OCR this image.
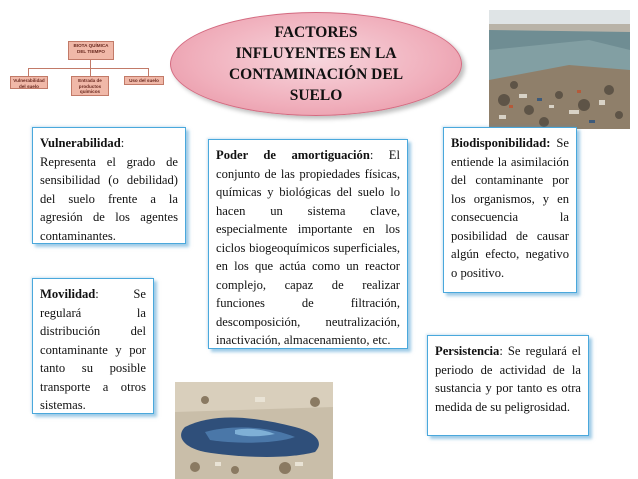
FACTORES
INFLUYENTES EN LA
CONTAMINACIÓN DEL
SUELO
BIOTA QUÍMICA DEL TIEMPO
Vulnerabilidad del suelo
Entrada de productos químicos
Uso del suelo
Vulnerabilidad: Representa el grado de sensibilidad (o debilidad) del suelo frente a la agresión de los agentes contaminantes.
Poder de amortiguación: El conjunto de las propiedades físicas, químicas y biológicas del suelo lo hacen un sistema clave, especialmente importante en los ciclos biogeoquímicos superficiales, en los que actúa como un reactor complejo, capaz de realizar funciones de filtración, descomposición, neutralización, inactivación, almacenamiento, etc.
Biodisponibilidad: Se entiende la asimilación del contaminante por los organismos, y en consecuencia la posibilidad de causar algún efecto, negativo o positivo.
Movilidad: Se regulará la distribución del contaminante y por tanto su posible transporte a otros sistemas.
Persistencia: Se regulará el periodo de actividad de la sustancia y por tanto es otra medida de su peligrosidad.
